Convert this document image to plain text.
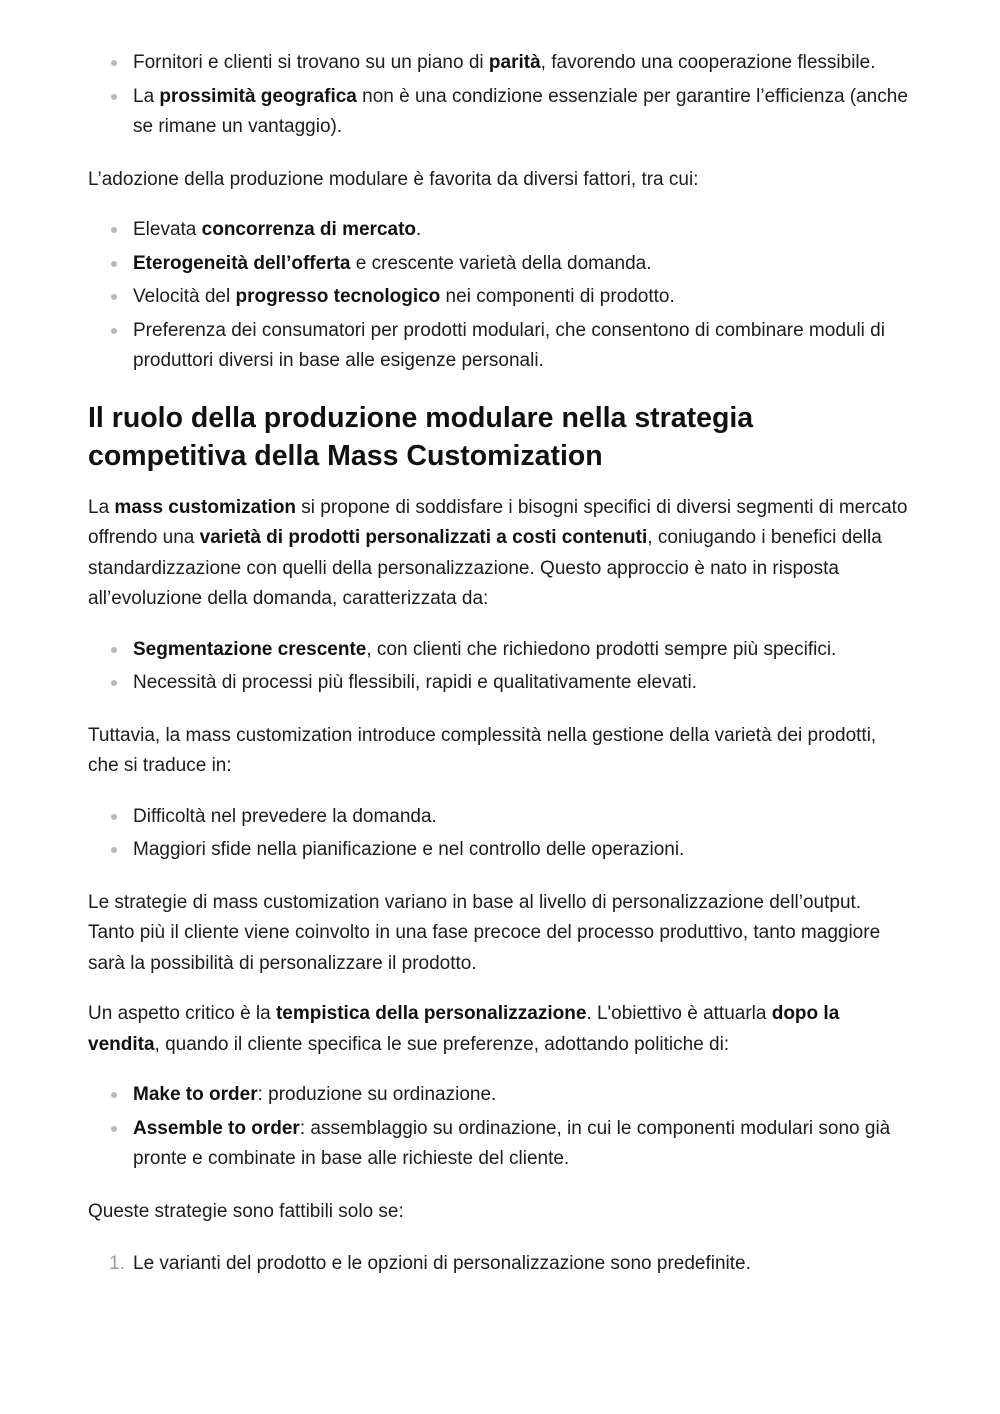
Fornitori e clienti si trovano su un piano di parità, favorendo una cooperazione flessibile.
La prossimità geografica non è una condizione essenziale per garantire l’efficienza (anche se rimane un vantaggio).

L’adozione della produzione modulare è favorita da diversi fattori, tra cui:

Elevata concorrenza di mercato.
Eterogeneità dell’offerta e crescente varietà della domanda.
Velocità del progresso tecnologico nei componenti di prodotto.
Preferenza dei consumatori per prodotti modulari, che consentono di combinare moduli di produttori diversi in base alle esigenze personali.
Il ruolo della produzione modulare nella strategia competitiva della Mass Customization

La mass customization si propone di soddisfare i bisogni specifici di diversi segmenti di mercato offrendo una varietà di prodotti personalizzati a costi contenuti, coniugando i benefici della standardizzazione con quelli della personalizzazione. Questo approccio è nato in risposta all’evoluzione della domanda, caratterizzata da:

Segmentazione crescente, con clienti che richiedono prodotti sempre più specifici.
Necessità di processi più flessibili, rapidi e qualitativamente elevati.

Tuttavia, la mass customization introduce complessità nella gestione della varietà dei prodotti, che si traduce in:

Difficoltà nel prevedere la domanda.
Maggiori sfide nella pianificazione e nel controllo delle operazioni.

Le strategie di mass customization variano in base al livello di personalizzazione dell’output. Tanto più il cliente viene coinvolto in una fase precoce del processo produttivo, tanto maggiore sarà la possibilità di personalizzare il prodotto.

Un aspetto critico è la tempistica della personalizzazione. L'obiettivo è attuarla dopo la vendita, quando il cliente specifica le sue preferenze, adottando politiche di:

Make to order: produzione su ordinazione.
Assemble to order: assemblaggio su ordinazione, in cui le componenti modulari sono già pronte e combinate in base alle richieste del cliente.

Queste strategie sono fattibili solo se:

1. Le varianti del prodotto e le opzioni di personalizzazione sono predefinite.
